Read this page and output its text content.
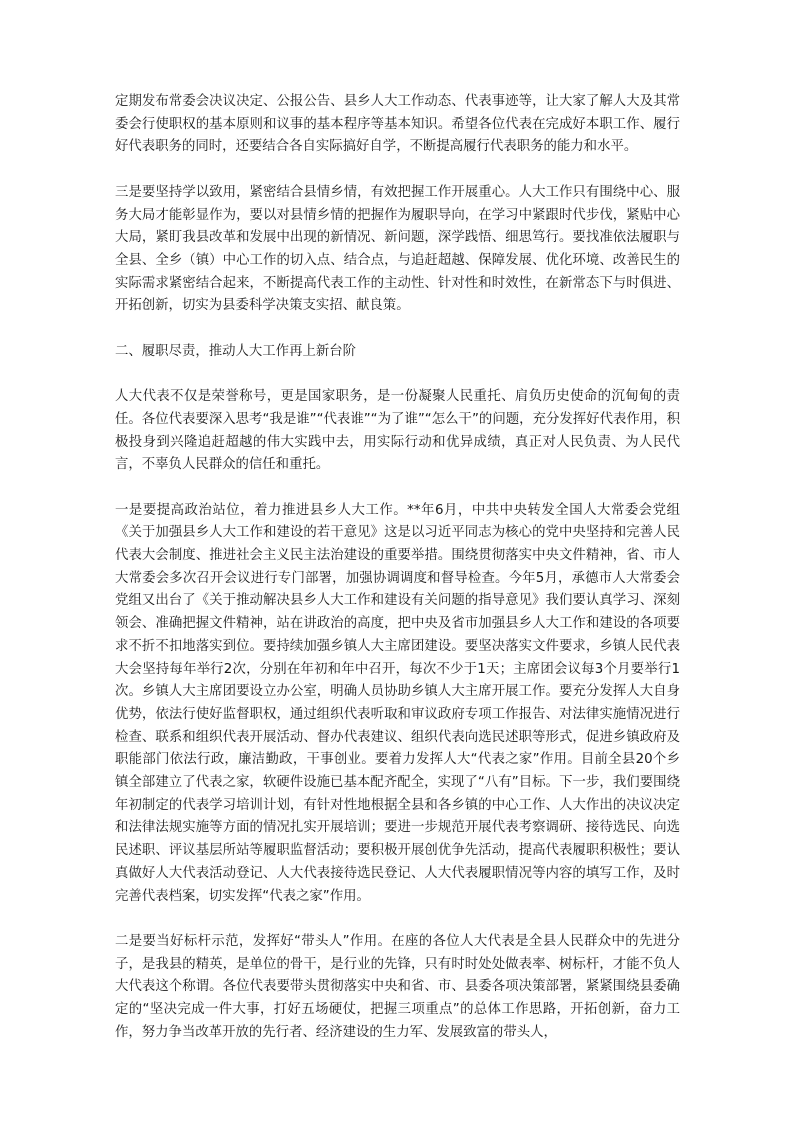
定期发布常委会决议决定、公报公告、县乡人大工作动态、代表事迹等，让大家了解人大及其常委会行使职权的基本原则和议事的基本程序等基本知识。希望各位代表在完成好本职工作、履行好代表职务的同时，还要结合各自实际搞好自学，不断提高履行代表职务的能力和水平。

三是要坚持学以致用，紧密结合县情乡情，有效把握工作开展重心。人大工作只有围绕中心、服务大局才能彰显作为，要以对县情乡情的把握作为履职导向，在学习中紧跟时代步伐，紧贴中心大局，紧盯我县改革和发展中出现的新情况、新问题，深学践悟、细思笃行。要找准依法履职与全县、全乡（镇）中心工作的切入点、结合点，与追赶超越、保障发展、优化环境、改善民生的实际需求紧密结合起来，不断提高代表工作的主动性、针对性和时效性，在新常态下与时俱进、开拓创新，切实为县委科学决策支实招、献良策。

二、履职尽责，推动人大工作再上新台阶

人大代表不仅是荣誉称号，更是国家职务，是一份凝聚人民重托、肩负历史使命的沉甸甸的责任。各位代表要深入思考“我是谁”“代表谁”“为了谁”“怎么干”的问题，充分发挥好代表作用，积极投身到兴隆追赶超越的伟大实践中去，用实际行动和优异成绩，真正对人民负责、为人民代言，不辜负人民群众的信任和重托。

一是要提高政治站位，着力推进县乡人大工作。**年6月，中共中央转发全国人大常委会党组《关于加强县乡人大工作和建设的若干意见》这是以习近平同志为核心的党中央坚持和完善人民代表大会制度、推进社会主义民主法治建设的重要举措。围绕贯彻落实中央文件精神，省、市人大常委会多次召开会议进行专门部署，加强协调调度和督导检查。今年5月，承德市人大常委会党组又出台了《关于推动解决县乡人大工作和建设有关问题的指导意见》我们要认真学习、深刻领会、准确把握文件精神，站在讲政治的高度，把中央及省市加强县乡人大工作和建设的各项要求不折不扣地落实到位。要持续加强乡镇人大主席团建设。要坚决落实文件要求，乡镇人民代表大会坚持每年举行2次，分别在年初和年中召开，每次不少于1天；主席团会议每3个月要举行1次。乡镇人大主席团要设立办公室，明确人员协助乡镇人大主席开展工作。要充分发挥人大自身优势，依法行使好监督职权，通过组织代表听取和审议政府专项工作报告、对法律实施情况进行检查、联系和组织代表开展活动、督办代表建议、组织代表向选民述职等形式，促进乡镇政府及职能部门依法行政，廉洁勤政，干事创业。要着力发挥人大“代表之家”作用。目前全县20个乡镇全部建立了代表之家，软硬件设施已基本配齐配全，实现了“八有”目标。下一步，我们要围绕年初制定的代表学习培训计划，有针对性地根据全县和各乡镇的中心工作、人大作出的决议决定和法律法规实施等方面的情况扎实开展培训；要进一步规范开展代表考察调研、接待选民、向选民述职、评议基层所站等履职监督活动；要积极开展创优争先活动，提高代表履职积极性；要认真做好人大代表活动登记、人大代表接待选民登记、人大代表履职情况等内容的填写工作，及时完善代表档案，切实发挥“代表之家”作用。

二是要当好标杆示范，发挥好“带头人”作用。在座的各位人大代表是全县人民群众中的先进分子，是我县的精英，是单位的骨干，是行业的先锋，只有时时处处做表率、树标杆，才能不负人大代表这个称谓。各位代表要带头贯彻落实中央和省、市、县委各项决策部署，紧紧围绕县委确定的“坚决完成一件大事，打好五场硬仗，把握三项重点”的总体工作思路，开拓创新，奋力工作，努力争当改革开放的先行者、经济建设的生力军、发展致富的带头人，
